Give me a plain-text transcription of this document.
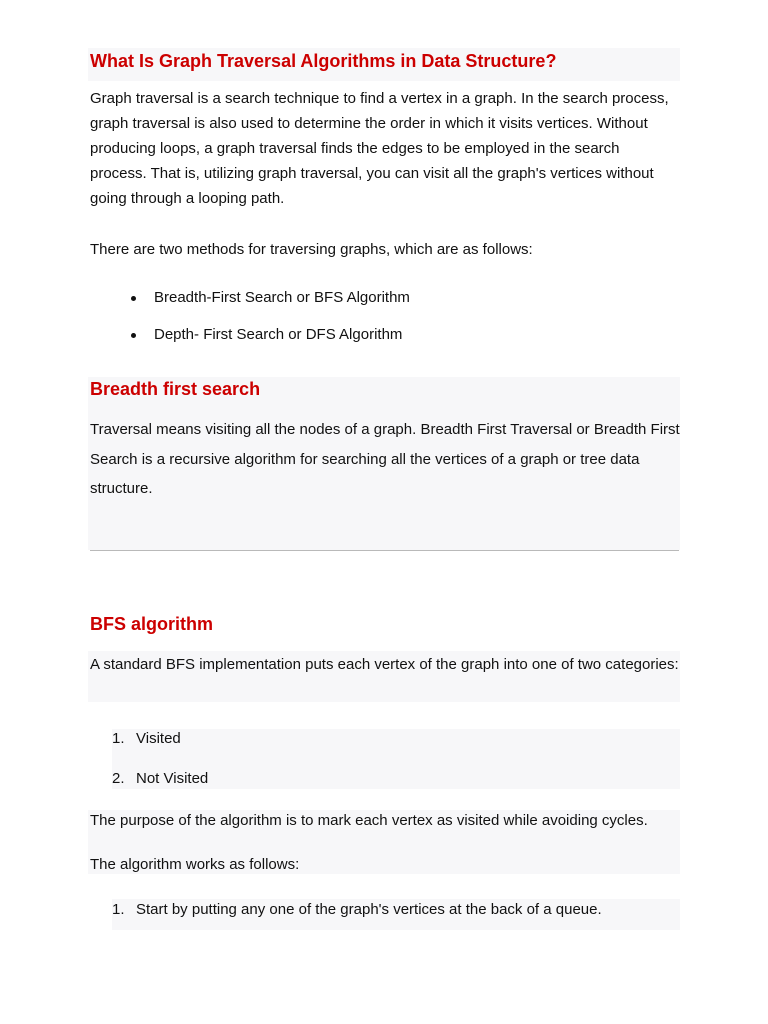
What Is Graph Traversal Algorithms in Data Structure?

Graph traversal is a search technique to find a vertex in a graph. In the search process, graph traversal is also used to determine the order in which it visits vertices. Without producing loops, a graph traversal finds the edges to be employed in the search process. That is, utilizing graph traversal, you can visit all the graph's vertices without going through a looping path.

There are two methods for traversing graphs, which are as follows:

Breadth-First Search or BFS Algorithm
Depth- First Search or DFS Algorithm
Breadth first search

Traversal means visiting all the nodes of a graph. Breadth First Traversal or Breadth First Search is a recursive algorithm for searching all the vertices of a graph or tree data structure.

BFS algorithm

A standard BFS implementation puts each vertex of the graph into one of two categories:

1. Visited
2. Not Visited

The purpose of the algorithm is to mark each vertex as visited while avoiding cycles.

The algorithm works as follows:

1. Start by putting any one of the graph's vertices at the back of a queue.
